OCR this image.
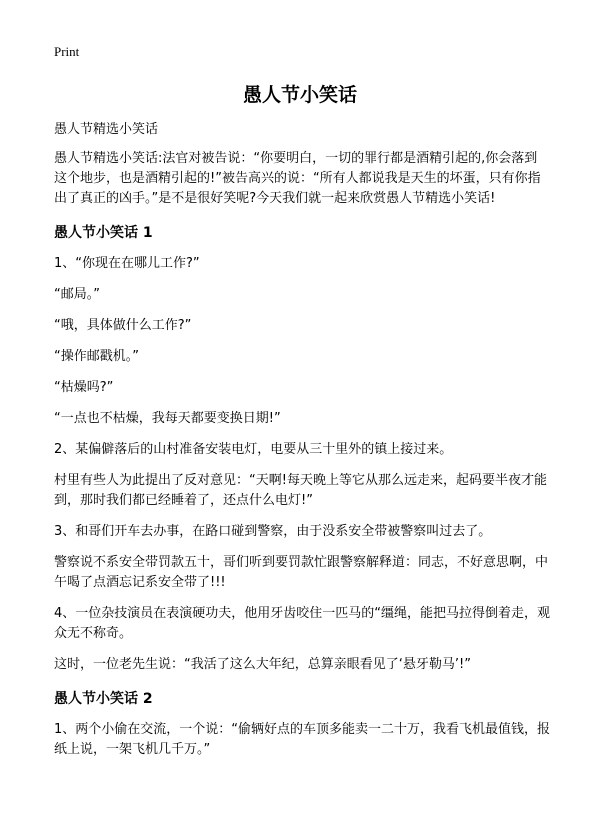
Print
愚人节小笑话

愚人节精选小笑话

愚人节精选小笑话:法官对被告说：“你要明白，一切的罪行都是酒精引起的,你会落到这个地步，也是酒精引起的!”被告高兴的说：“所有人都说我是天生的坏蛋，只有你指出了真正的凶手。”是不是很好笑呢?今天我们就一起来欣赏愚人节精选小笑话!

愚人节小笑话 1

1、“你现在在哪儿工作?”

“邮局。”

“哦，具体做什么工作?”

“操作邮戳机。”

“枯燥吗?”

“一点也不枯燥，我每天都要变换日期!”

2、某偏僻落后的山村准备安装电灯，电要从三十里外的镇上接过来。

村里有些人为此提出了反对意见：“天啊!每天晚上等它从那么远走来，起码要半夜才能到，那时我们都已经睡着了，还点什么电灯!”

3、和哥们开车去办事，在路口碰到警察，由于没系安全带被警察叫过去了。

警察说不系安全带罚款五十，哥们听到要罚款忙跟警察解释道：同志，不好意思啊，中午喝了点酒忘记系安全带了!!!

4、一位杂技演员在表演硬功夫，他用牙齿咬住一匹马的“缰绳，能把马拉得倒着走，观众无不称奇。

这时，一位老先生说：“我活了这么大年纪，总算亲眼看见了‘悬牙勒马’!”

愚人节小笑话 2

1、两个小偷在交流，一个说：“偷辆好点的车顶多能卖一二十万，我看飞机最值钱，报纸上说，一架飞机几千万。”
